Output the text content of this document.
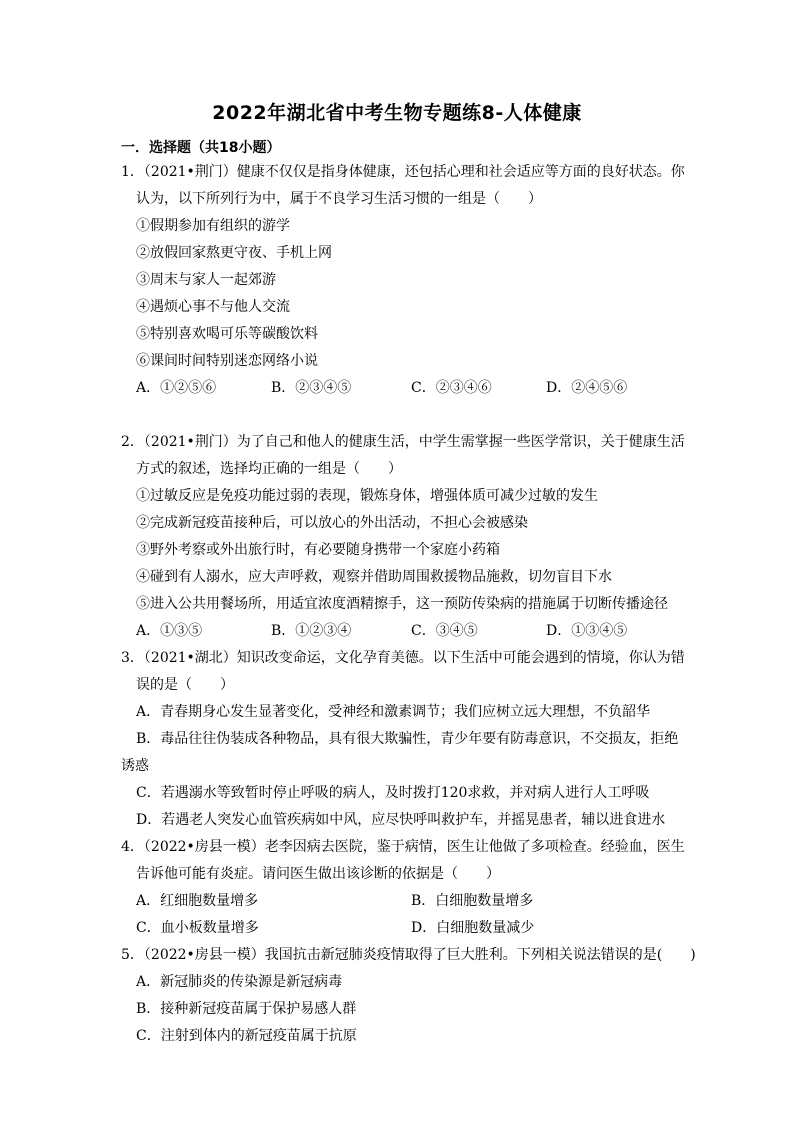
2022年湖北省中考生物专题练8-人体健康
一．选择题（共18小题）
1．（2021•荆门）健康不仅仅是指身体健康，还包括心理和社会适应等方面的良好状态。你
认为，以下所列行为中，属于不良学习生活习惯的一组是（　　）
①假期参加有组织的游学
②放假回家熬更守夜、手机上网
③周末与家人一起郊游
④遇烦心事不与他人交流
⑤特别喜欢喝可乐等碳酸饮料
⑥课间时间特别迷恋网络小说
A．①②⑤⑥	B．②③④⑤	C．②③④⑥	D．②④⑤⑥
2．（2021•荆门）为了自己和他人的健康生活，中学生需掌握一些医学常识，关于健康生活
方式的叙述，选择均正确的一组是（　　）
①过敏反应是免疫功能过弱的表现，锻炼身体，增强体质可减少过敏的发生
②完成新冠疫苗接种后，可以放心的外出活动，不担心会被感染
③野外考察或外出旅行时，有必要随身携带一个家庭小药箱
④碰到有人溺水，应大声呼救，观察并借助周围救援物品施救，切勿盲目下水
⑤进入公共用餐场所，用适宜浓度酒精擦手，这一预防传染病的措施属于切断传播途径
A．①③⑤	B．①②③④	C．③④⑤	D．①③④⑤
3．（2021•湖北）知识改变命运，文化孕育美德。以下生活中可能会遇到的情境，你认为错
误的是（　　）
A．青春期身心发生显著变化，受神经和激素调节；我们应树立远大理想，不负韶华
B．毒品往往伪装成各种物品，具有很大欺骗性，青少年要有防毒意识，不交损友，拒绝
诱惑
C．若遇溺水等致暂时停止呼吸的病人，及时拨打120求救，并对病人进行人工呼吸
D．若遇老人突发心血管疾病如中风，应尽快呼叫救护车，并摇晃患者，辅以进食进水
4．（2022•房县一模）老李因病去医院，鉴于病情，医生让他做了多项检查。经验血，医生
告诉他可能有炎症。请问医生做出该诊断的依据是（　　）
A．红细胞数量增多	B．白细胞数量增多
C．血小板数量增多	D．白细胞数量减少
5．（2022•房县一模）我国抗击新冠肺炎疫情取得了巨大胜利。下列相关说法错误的是(　　)
A．新冠肺炎的传染源是新冠病毒
B．接种新冠疫苗属于保护易感人群
C．注射到体内的新冠疫苗属于抗原
